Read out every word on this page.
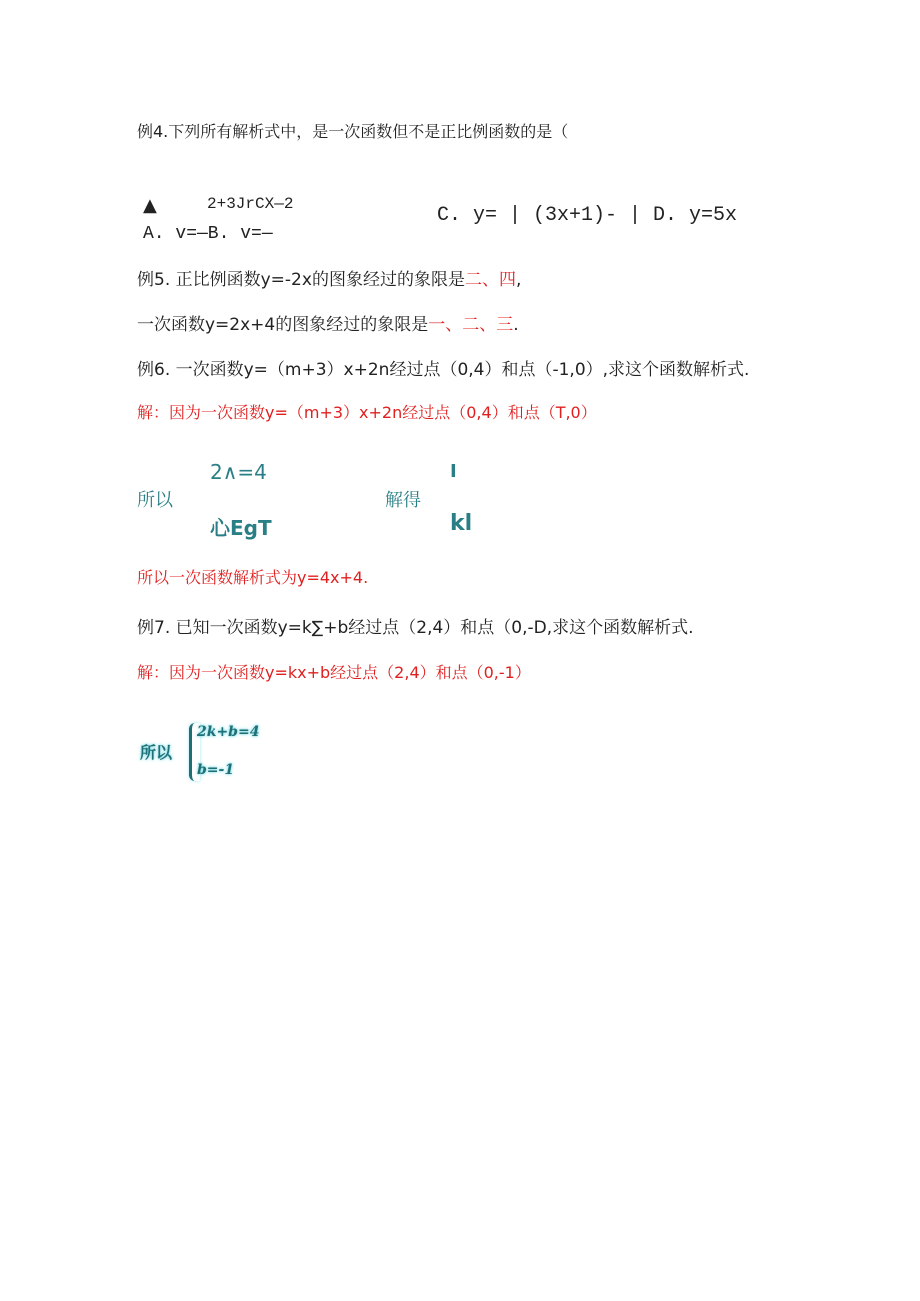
例4.下列所有解析式中，是一次函数但不是正比例函数的是（
▲	2+3JrCX—2
A. v=—B. v=—
C. y= | (3x+1)- | D. y=5x
例5. 正比例函数y=-2x的图象经过的象限是二、四,
一次函数y=2x+4的图象经过的象限是一、二、三.
例6. 一次函数y=（m+3）x+2n经过点（0,4）和点（-1,0）,求这个函数解析式.
解：因为一次函数y=（m+3）x+2n经过点（0,4）和点（T,0）
所以
2∧=4
心EgT
解得
I
kl
所以一次函数解析式为y=4x+4.
例7. 已知一次函数y=k∑+b经过点（2,4）和点（0,-D,求这个函数解析式.
解：因为一次函数y=kx+b经过点（2,4）和点（0,-1）
所以
2k+b=4
b=-1
